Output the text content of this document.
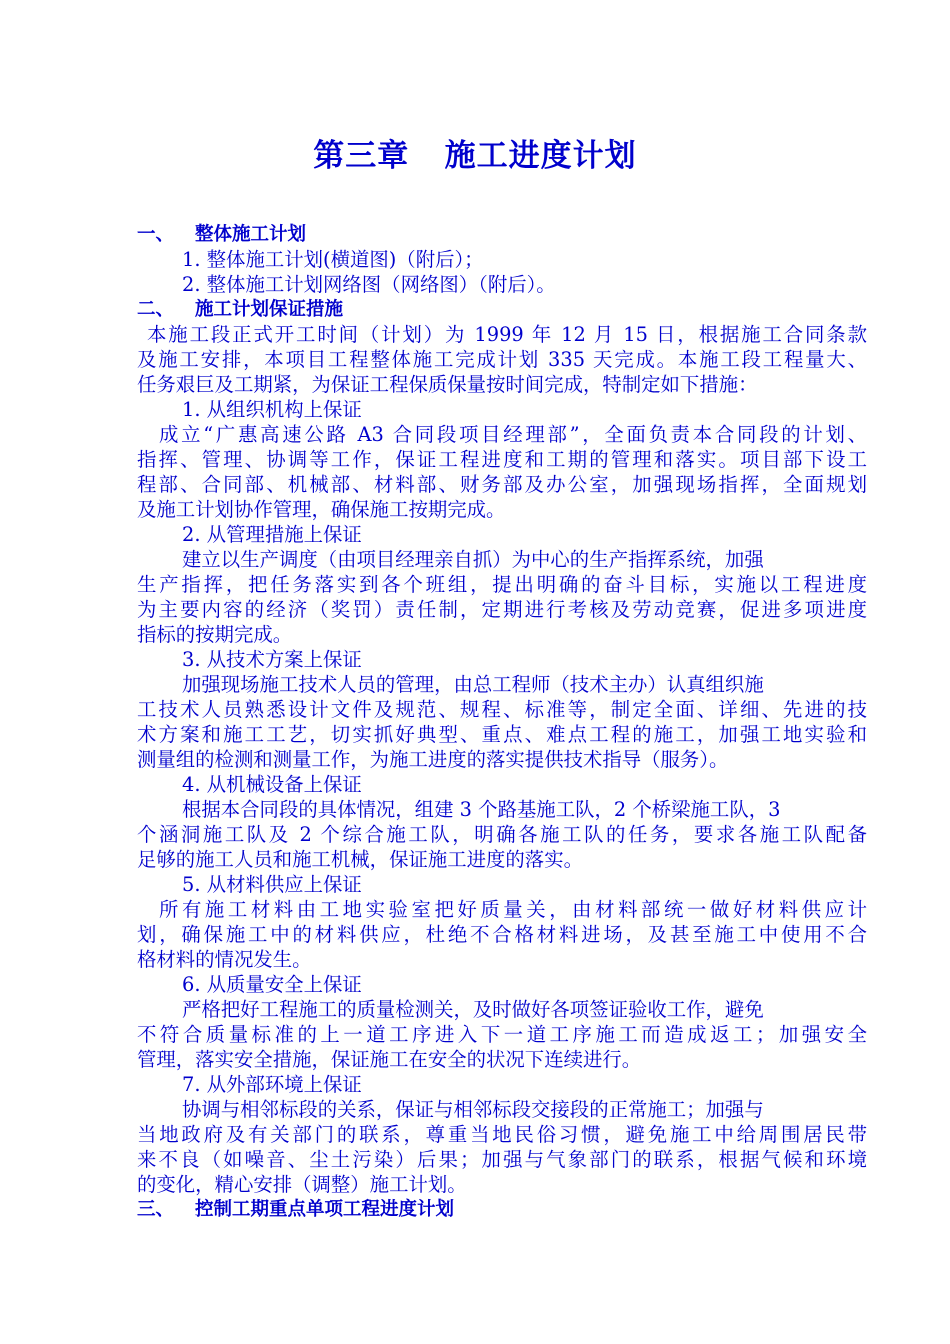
第三章   施工进度计划
一、 整体施工计划
1. 整体施工计划(横道图)（附后）；
2. 整体施工计划网络图（网络图）（附后）。
二、 施工计划保证措施
本施工段正式开工时间（计划）为 1999 年 12 月 15 日，根据施工合同条款
及施工安排，本项目工程整体施工完成计划 335 天完成。本施工段工程量大、
任务艰巨及工期紧，为保证工程保质保量按时间完成，特制定如下措施：
1. 从组织机构上保证
成立“广惠高速公路 A3 合同段项目经理部”，全面负责本合同段的计划、
指挥、管理、协调等工作，保证工程进度和工期的管理和落实。项目部下设工
程部、合同部、机械部、材料部、财务部及办公室，加强现场指挥，全面规划
及施工计划协作管理，确保施工按期完成。
2. 从管理措施上保证
建立以生产调度（由项目经理亲自抓）为中心的生产指挥系统，加强
生产指挥，把任务落实到各个班组，提出明确的奋斗目标，实施以工程进度
为主要内容的经济（奖罚）责任制，定期进行考核及劳动竞赛，促进多项进度
指标的按期完成。
3. 从技术方案上保证
加强现场施工技术人员的管理，由总工程师（技术主办）认真组织施
工技术人员熟悉设计文件及规范、规程、标准等，制定全面、详细、先进的技
术方案和施工工艺，切实抓好典型、重点、难点工程的施工，加强工地实验和
测量组的检测和测量工作，为施工进度的落实提供技术指导（服务）。
4. 从机械设备上保证
根据本合同段的具体情况，组建 3 个路基施工队，2 个桥梁施工队，3
个涵洞施工队及 2 个综合施工队，明确各施工队的任务，要求各施工队配备
足够的施工人员和施工机械，保证施工进度的落实。
5. 从材料供应上保证
所有施工材料由工地实验室把好质量关，由材料部统一做好材料供应计
划，确保施工中的材料供应，杜绝不合格材料进场，及甚至施工中使用不合
格材料的情况发生。
6. 从质量安全上保证
严格把好工程施工的质量检测关，及时做好各项签证验收工作，避免
不符合质量标准的上一道工序进入下一道工序施工而造成返工；加强安全
管理，落实安全措施，保证施工在安全的状况下连续进行。
7. 从外部环境上保证
协调与相邻标段的关系，保证与相邻标段交接段的正常施工；加强与
当地政府及有关部门的联系，尊重当地民俗习惯，避免施工中给周围居民带
来不良（如噪音、尘土污染）后果；加强与气象部门的联系，根据气候和环境
的变化，精心安排（调整）施工计划。
三、 控制工期重点单项工程进度计划
